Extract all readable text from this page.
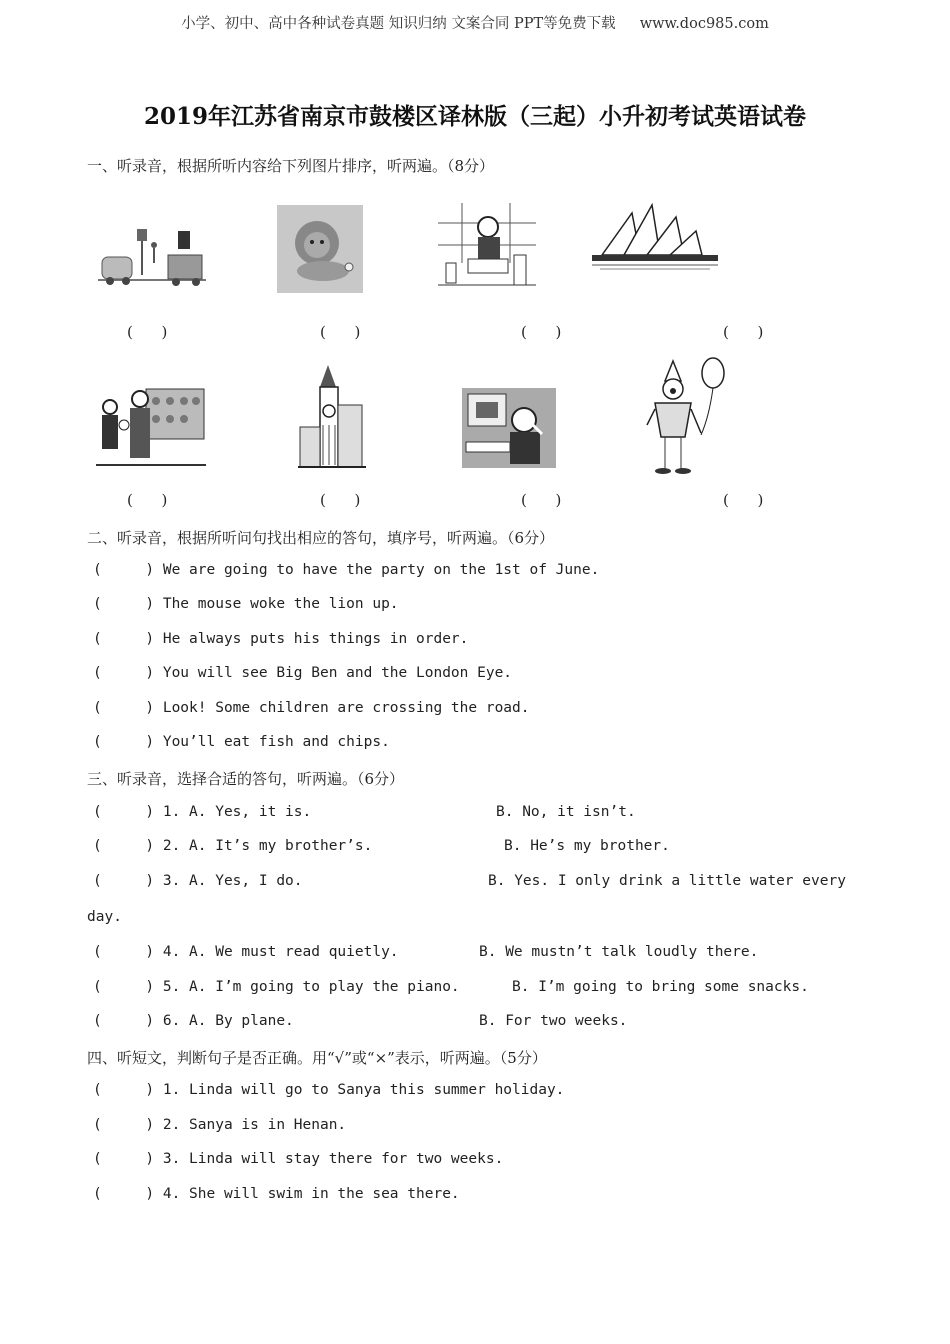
小学、初中、高中各种试卷真题 知识归纳 文案合同 PPT等免费下载 www.doc985.com
2019年江苏省南京市鼓楼区译林版（三起）小升初考试英语试卷
一、听录音，根据所听内容给下列图片排序，听两遍。（8分）
(      )	(      )	(      )	(      )
(      )	(      )	(      )	(      )
二、听录音，根据所听问句找出相应的答句，填序号，听两遍。（6分）
(     ) We are going to have the party on the 1st of June.
(     ) The mouse woke the lion up.
(     ) He always puts his things in order.
(     ) You will see Big Ben and the London Eye.
(     ) Look! Some children are crossing the road.
(     ) You’ll eat fish and chips.
三、听录音，选择合适的答句，听两遍。（6分）
(     ) 1. A. Yes, it is.	B. No, it isn’t.
(     ) 2. A. It’s my brother’s.	B. He’s my brother.
(     ) 3. A. Yes, I do.	B. Yes. I only drink a little water every
day.
(     ) 4. A. We must read quietly.	B. We mustn’t talk loudly there.
(     ) 5. A. I’m going to play the piano.	B. I’m going to bring some snacks.
(     ) 6. A. By plane.	B. For two weeks.
四、听短文，判断句子是否正确。用“√”或“×”表示，听两遍。（5分）
(     ) 1. Linda will go to Sanya this summer holiday.
(     ) 2. Sanya is in Henan.
(     ) 3. Linda will stay there for two weeks.
(     ) 4. She will swim in the sea there.
